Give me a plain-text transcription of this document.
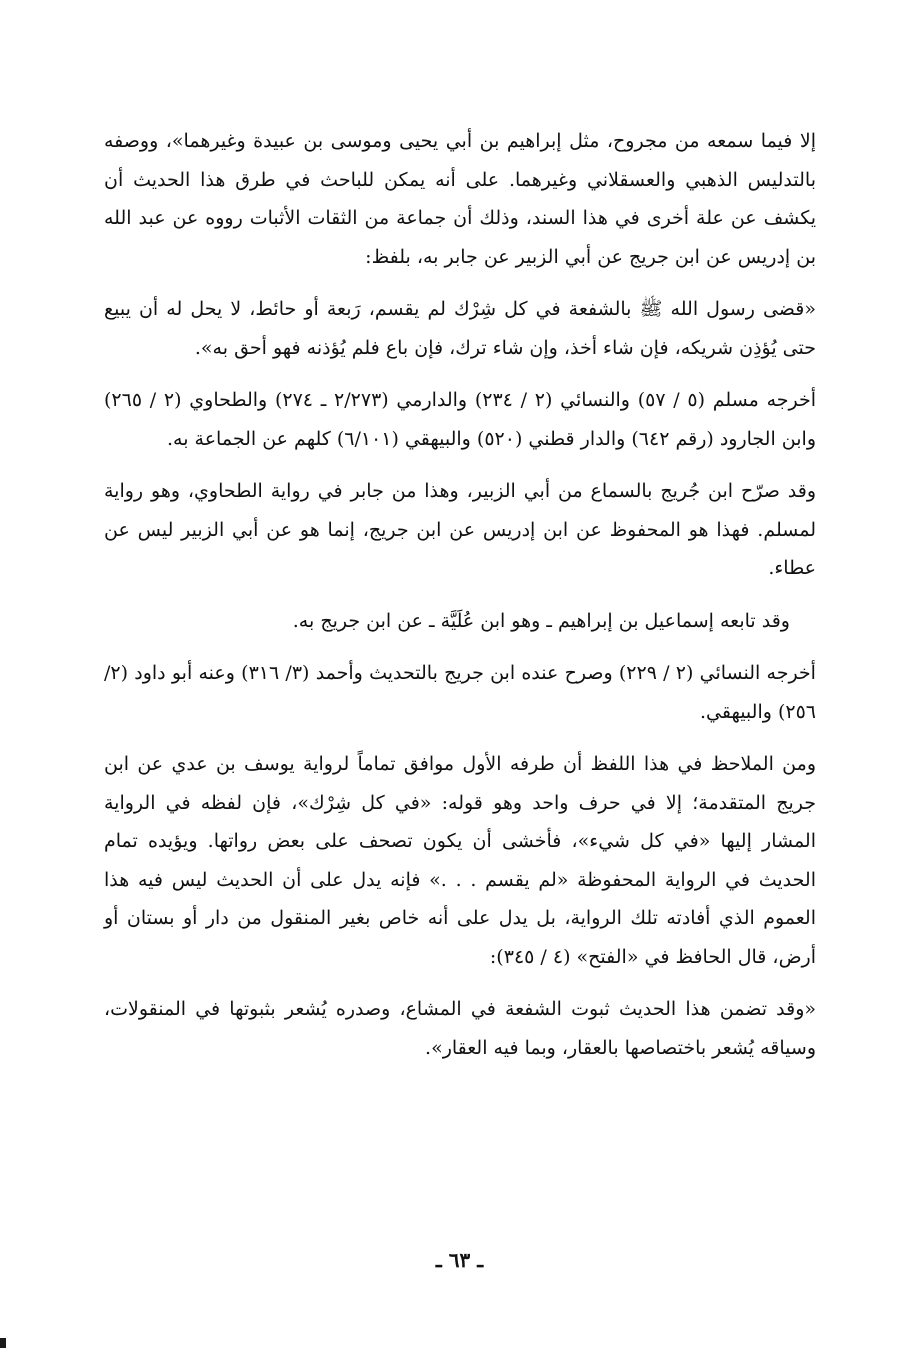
إلا فيما سمعه من مجروح، مثل إبراهيم بن أبي يحيى وموسى بن عبيدة وغيرهما»، ووصفه بالتدليس الذهبي والعسقلاني وغيرهما. على أنه يمكن للباحث في طرق هذا الحديث أن يكشف عن علة أخرى في هذا السند، وذلك أن جماعة من الثقات الأثبات رووه عن عبد الله بن إدريس عن ابن جريج عن أبي الزبير عن جابر به، بلفظ:

«قضى رسول الله ﷺ بالشفعة في كل شِرْك لم يقسم، رَبعة أو حائط، لا يحل له أن يبيع حتى يُؤذِن شريكه، فإن شاء أخذ، وإن شاء ترك، فإن باع فلم يُؤذنه فهو أحق به».

أخرجه مسلم (٥ / ٥٧) والنسائي (٢ / ٢٣٤) والدارمي (٢/٢٧٣ ـ ٢٧٤) والطحاوي (٢ / ٢٦٥) وابن الجارود (رقم ٦٤٢) والدار قطني (٥٢٠) والبيهقي (٦/١٠١) كلهم عن الجماعة به.

وقد صرّح ابن جُريج بالسماع من أبي الزبير، وهذا من جابر في رواية الطحاوي، وهو رواية لمسلم. فهذا هو المحفوظ عن ابن إدريس عن ابن جريج، إنما هو عن أبي الزبير ليس عن عطاء.

وقد تابعه إسماعيل بن إبراهيم ـ وهو ابن عُلَيَّة ـ عن ابن جريج به.

أخرجه النسائي (٢ / ٢٢٩) وصرح عنده ابن جريج بالتحديث وأحمد (٣/ ٣١٦) وعنه أبو داود (٢/ ٢٥٦) والبيهقي.

ومن الملاحظ في هذا اللفظ أن طرفه الأول موافق تماماً لرواية يوسف بن عدي عن ابن جريج المتقدمة؛ إلا في حرف واحد وهو قوله: «في كل شِرْك»، فإن لفظه في الرواية المشار إليها «في كل شيء»، فأخشى أن يكون تصحف على بعض رواتها. ويؤيده تمام الحديث في الرواية المحفوظة «لم يقسم . . .» فإنه يدل على أن الحديث ليس فيه هذا العموم الذي أفادته تلك الرواية، بل يدل على أنه خاص بغير المنقول من دار أو بستان أو أرض، قال الحافظ في «الفتح» (٤ / ٣٤٥):

«وقد تضمن هذا الحديث ثبوت الشفعة في المشاع، وصدره يُشعر بثبوتها في المنقولات، وسياقه يُشعر باختصاصها بالعقار، وبما فيه العقار».

ـ ٦٣ ـ
